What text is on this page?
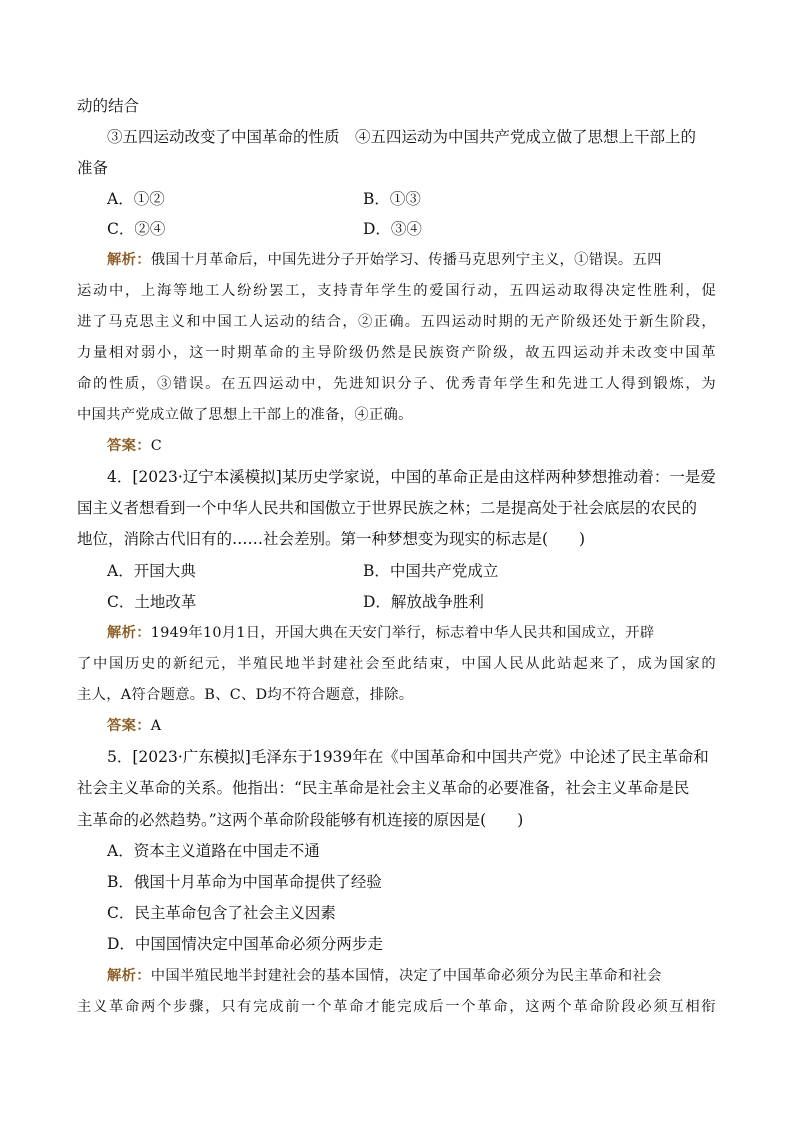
动的结合
③五四运动改变了中国革命的性质　④五四运动为中国共产党成立做了思想上干部上的
准备
A．①②	B．①③
C．②④	D．③④
解析：俄国十月革命后，中国先进分子开始学习、传播马克思列宁主义，①错误。五四
运动中，上海等地工人纷纷罢工，支持青年学生的爱国行动，五四运动取得决定性胜利，促
进了马克思主义和中国工人运动的结合，②正确。五四运动时期的无产阶级还处于新生阶段，
力量相对弱小，这一时期革命的主导阶级仍然是民族资产阶级，故五四运动并未改变中国革
命的性质，③错误。在五四运动中，先进知识分子、优秀青年学生和先进工人得到锻炼，为
中国共产党成立做了思想上干部上的准备，④正确。
答案：C
4．[2023·辽宁本溪模拟]某历史学家说，中国的革命正是由这样两种梦想推动着：一是爱
国主义者想看到一个中华人民共和国傲立于世界民族之林；二是提高处于社会底层的农民的
地位，消除古代旧有的……社会差别。第一种梦想变为现实的标志是(　　)
A．开国大典	B．中国共产党成立
C．土地改革	D．解放战争胜利
解析：1949年10月1日，开国大典在天安门举行，标志着中华人民共和国成立，开辟
了中国历史的新纪元，半殖民地半封建社会至此结束，中国人民从此站起来了，成为国家的
主人，A符合题意。B、C、D均不符合题意，排除。
答案：A
5．[2023·广东模拟]毛泽东于1939年在《中国革命和中国共产党》中论述了民主革命和
社会主义革命的关系。他指出：“民主革命是社会主义革命的必要准备，社会主义革命是民
主革命的必然趋势。”这两个革命阶段能够有机连接的原因是(　　)
A．资本主义道路在中国走不通
B．俄国十月革命为中国革命提供了经验
C．民主革命包含了社会主义因素
D．中国国情决定中国革命必须分两步走
解析：中国半殖民地半封建社会的基本国情，决定了中国革命必须分为民主革命和社会
主义革命两个步骤，只有完成前一个革命才能完成后一个革命，这两个革命阶段必须互相衔
